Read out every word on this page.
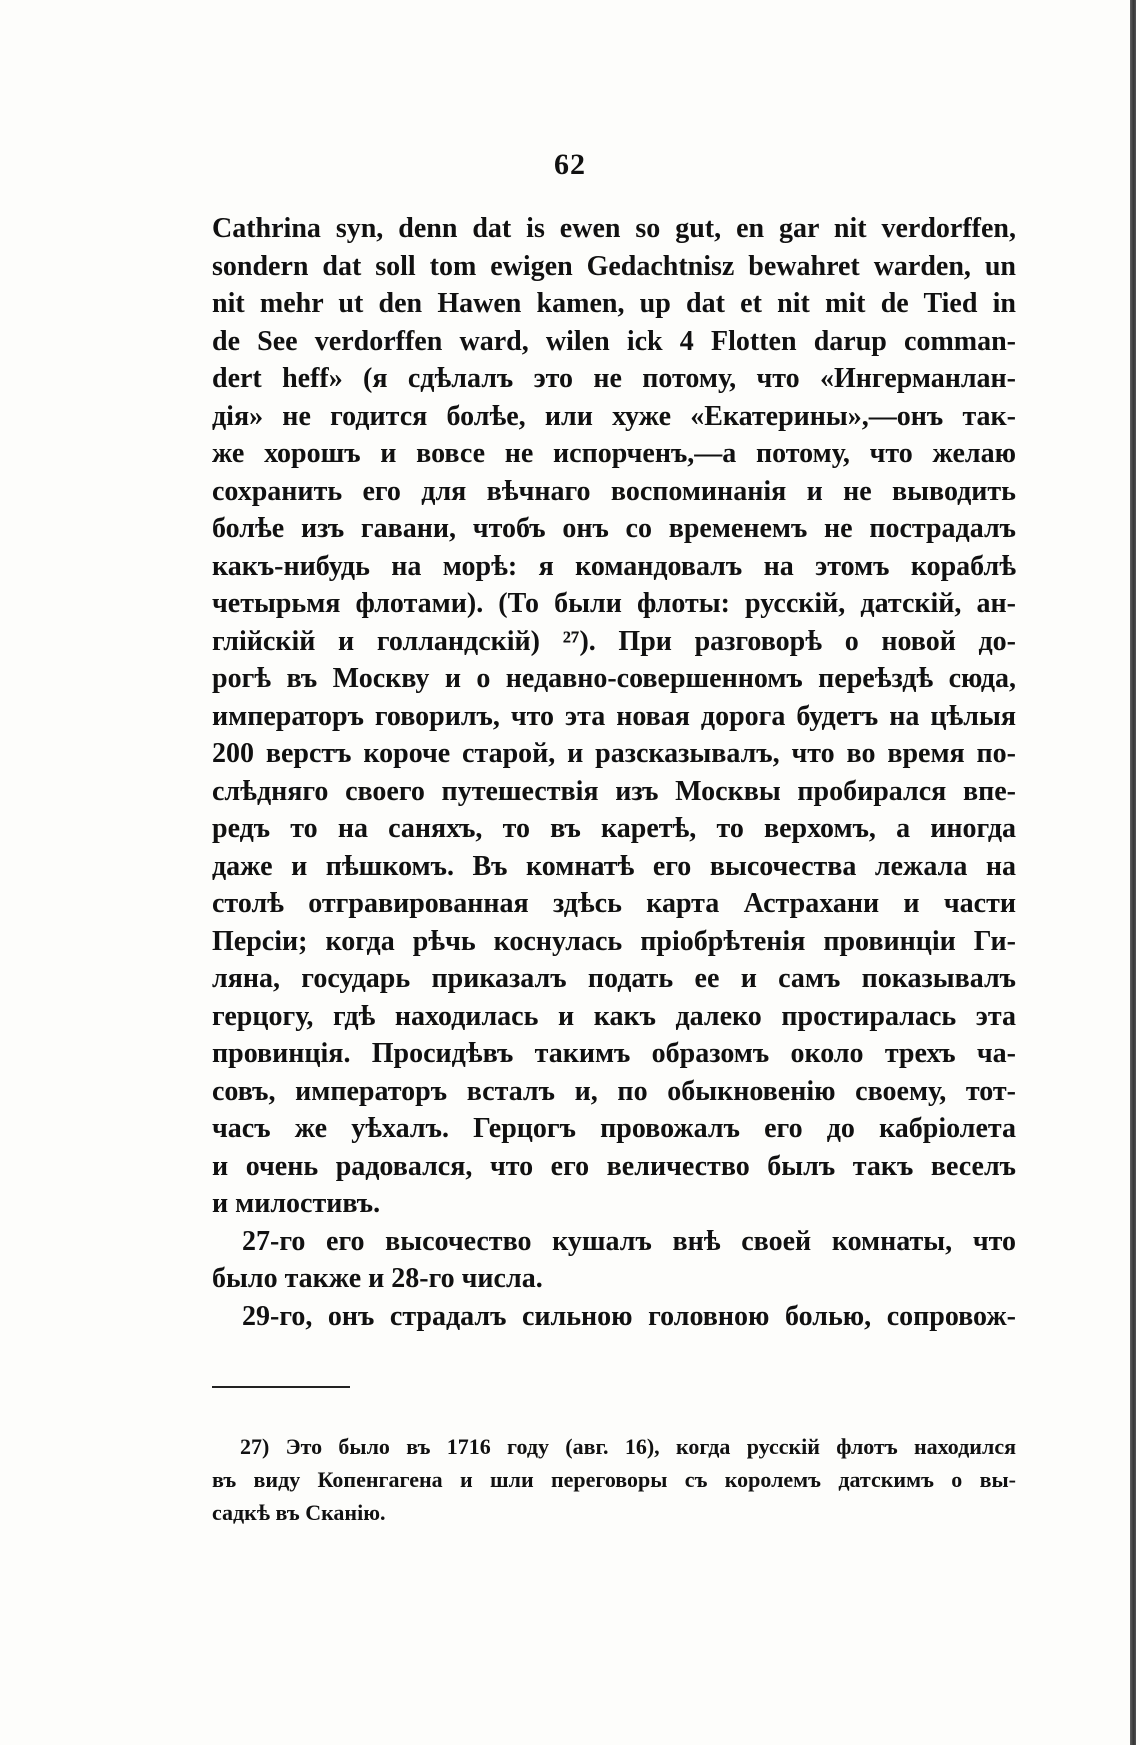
62
Cathrina syn, denn dat is ewen so gut, en gar nit verdorffen,
sondern dat soll tom ewigen Gedachtnisz bewahret warden, un
nit mehr ut den Hawen kamen, up dat et nit mit de Tied in
de See verdorffen ward, wilen ick 4 Flotten darup comman-
dert heff» (я сдѣлалъ это не потому, что «Ингерманлан-
дія» не годится болѣе, или хуже «Екатерины»,—онъ так-
же хорошъ и вовсе не испорченъ,—а потому, что желаю
сохранить его для вѣчнаго воспоминанія и не выводить
болѣе изъ гавани, чтобъ онъ со временемъ не пострадалъ
какъ-нибудь на морѣ: я командовалъ на этомъ кораблѣ
четырьмя флотами). (То были флоты: русскій, датскій, ан-
глійскій и голландскій) ²⁷). При разговорѣ о новой до-
рогѣ въ Москву и о недавно-совершенномъ переѣздѣ сюда,
императоръ говорилъ, что эта новая дорога будетъ на цѣлыя
200 верстъ короче старой, и разсказывалъ, что во время по-
слѣдняго своего путешествія изъ Москвы пробирался впе-
редъ то на саняхъ, то въ каретѣ, то верхомъ, а иногда
даже и пѣшкомъ. Въ комнатѣ его высочества лежала на
столѣ отгравированная здѣсь карта Астрахани и части
Персіи; когда рѣчь коснулась пріобрѣтенія провинціи Ги-
ляна, государь приказалъ подать ее и самъ показывалъ
герцогу, гдѣ находилась и какъ далеко простиралась эта
провинція. Просидѣвъ такимъ образомъ около трехъ ча-
совъ, императоръ всталъ и, по обыкновенію своему, тот-
часъ же уѣхалъ. Герцогъ провожалъ его до кабріолета
и очень радовался, что его величество былъ такъ веселъ
и милостивъ.
27-го его высочество кушалъ внѣ своей комнаты, что
было также и 28-го числа.
29-го, онъ страдалъ сильною головною болью, сопровож-
27) Это было въ 1716 году (авг. 16), когда русскій флотъ находился
въ виду Копенгагена и шли переговоры съ королемъ датскимъ о вы-
садкѣ въ Сканію.
